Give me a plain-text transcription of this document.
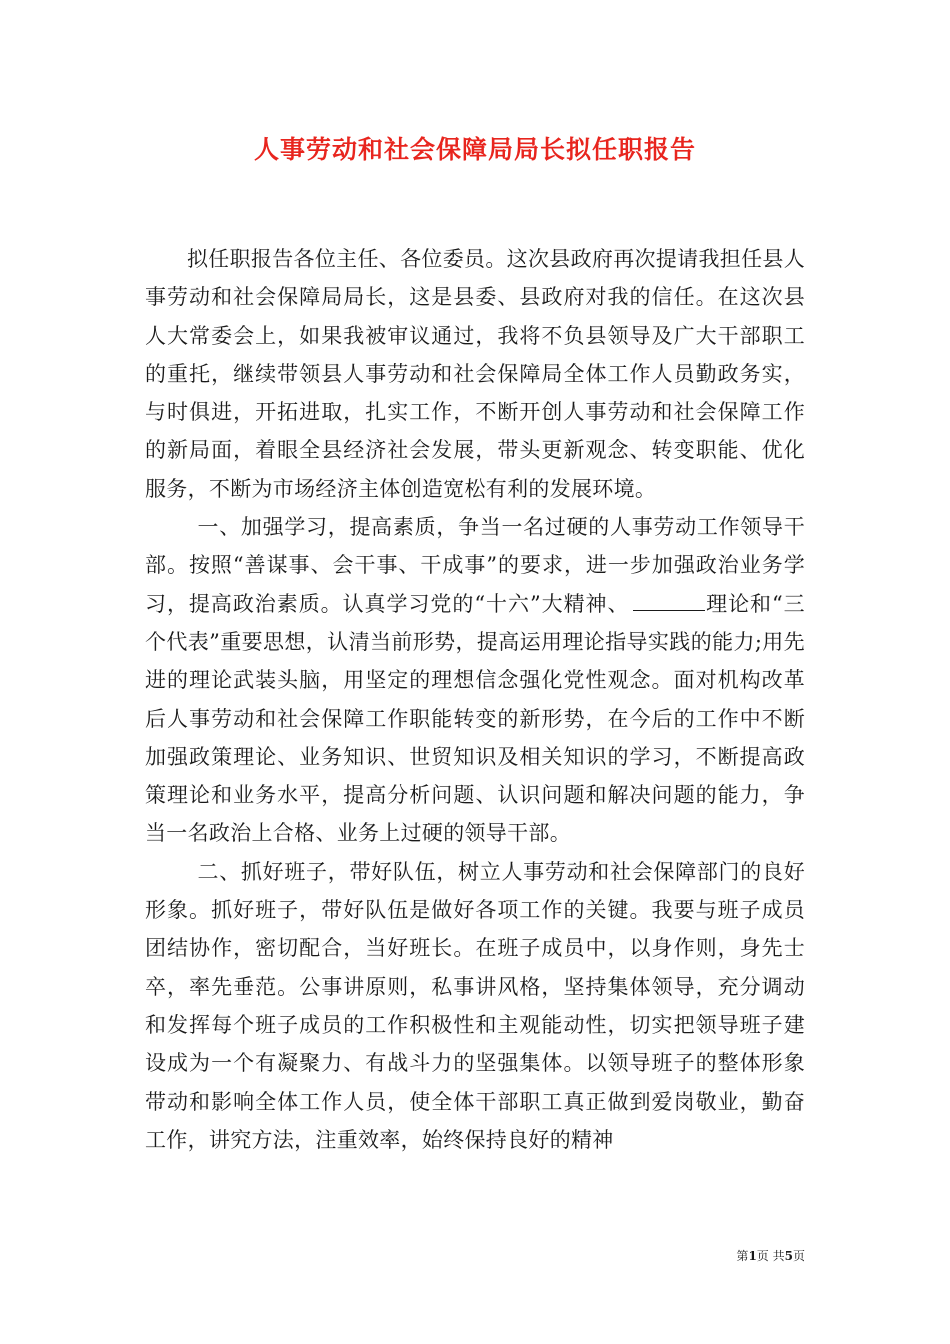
人事劳动和社会保障局局长拟任职报告

拟任职报告各位主任、各位委员。这次县政府再次提请我担任县人事劳动和社会保障局局长，这是县委、县政府对我的信任。在这次县人大常委会上，如果我被审议通过，我将不负县领导及广大干部职工的重托，继续带领县人事劳动和社会保障局全体工作人员勤政务实，与时俱进，开拓进取，扎实工作，不断开创人事劳动和社会保障工作的新局面，着眼全县经济社会发展，带头更新观念、转变职能、优化服务，不断为市场经济主体创造宽松有利的发展环境。

一、加强学习，提高素质，争当一名过硬的人事劳动工作领导干部。按照“善谋事、会干事、干成事”的要求，进一步加强政治业务学习，提高政治素质。认真学习党的“十六”大精神、	理论和“三个代表”重要思想，认清当前形势，提高运用理论指导实践的能力;用先进的理论武装头脑，用坚定的理想信念强化党性观念。面对机构改革后人事劳动和社会保障工作职能转变的新形势，在今后的工作中不断加强政策理论、业务知识、世贸知识及相关知识的学习，不断提高政策理论和业务水平，提高分析问题、认识问题和解决问题的能力，争当一名政治上合格、业务上过硬的领导干部。

二、抓好班子，带好队伍，树立人事劳动和社会保障部门的良好形象。抓好班子，带好队伍是做好各项工作的关键。我要与班子成员团结协作，密切配合，当好班长。在班子成员中，以身作则，身先士卒，率先垂范。公事讲原则，私事讲风格，坚持集体领导，充分调动和发挥每个班子成员的工作积极性和主观能动性，切实把领导班子建设成为一个有凝聚力、有战斗力的坚强集体。以领导班子的整体形象带动和影响全体工作人员，使全体干部职工真正做到爱岗敬业，勤奋工作，讲究方法，注重效率，始终保持良好的精神

第1页 共5页
